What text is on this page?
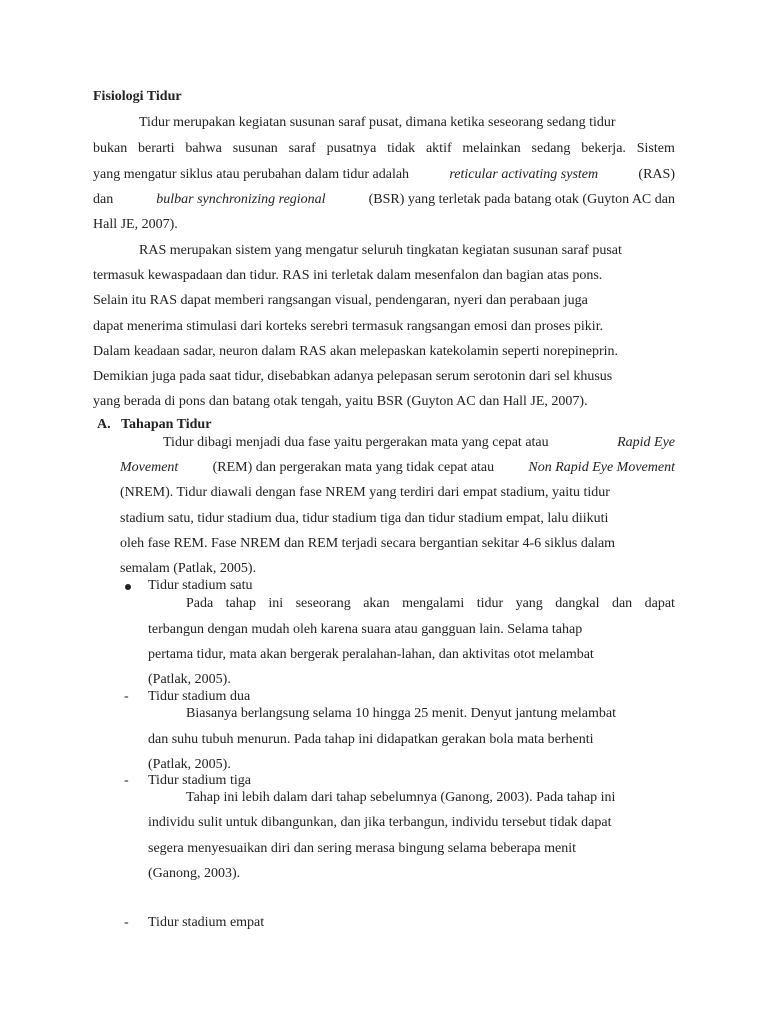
Fisiologi Tidur
Tidur merupakan kegiatan susunan saraf pusat, dimana ketika seseorang sedang tidur
bukan berarti bahwa susunan saraf pusatnya tidak aktif melainkan sedang bekerja. Sistem
yang mengatur siklus atau perubahan dalam tidur adalah	reticular activating system	(RAS)
dan	bulbar synchronizing regional	(BSR) yang terletak pada batang otak (Guyton AC dan
Hall JE, 2007).
RAS merupakan sistem yang mengatur seluruh tingkatan kegiatan susunan saraf pusat
termasuk kewaspadaan dan tidur. RAS ini terletak dalam mesenfalon dan bagian atas pons.
Selain itu RAS dapat memberi rangsangan visual, pendengaran, nyeri dan perabaan juga
dapat menerima stimulasi dari korteks serebri termasuk rangsangan emosi dan proses pikir.
Dalam keadaan sadar, neuron dalam RAS akan melepaskan katekolamin seperti norepineprin.
Demikian juga pada saat tidur, disebabkan adanya pelepasan serum serotonin dari sel khusus
yang berada di pons dan batang otak tengah, yaitu BSR (Guyton AC dan Hall JE, 2007).
A. Tahapan Tidur
Tidur dibagi menjadi dua fase yaitu pergerakan mata yang cepat atau	Rapid Eye
Movement (REM) dan pergerakan mata yang tidak cepat atau Non Rapid Eye Movement
(NREM). Tidur diawali dengan fase NREM yang terdiri dari empat stadium, yaitu tidur
stadium satu, tidur stadium dua, tidur stadium tiga dan tidur stadium empat, lalu diikuti
oleh fase REM. Fase NREM dan REM terjadi secara bergantian sekitar 4-6 siklus dalam
semalam (Patlak, 2005).
Tidur stadium satu
Pada tahap ini seseorang akan mengalami tidur yang dangkal dan dapat
terbangun dengan mudah oleh karena suara atau gangguan lain. Selama tahap
pertama tidur, mata akan bergerak peralahan-lahan, dan aktivitas otot melambat
(Patlak, 2005).
- Tidur stadium dua
Biasanya berlangsung selama 10 hingga 25 menit. Denyut jantung melambat
dan suhu tubuh menurun. Pada tahap ini didapatkan gerakan bola mata berhenti
(Patlak, 2005).
- Tidur stadium tiga
Tahap ini lebih dalam dari tahap sebelumnya (Ganong, 2003). Pada tahap ini
individu sulit untuk dibangunkan, dan jika terbangun, individu tersebut tidak dapat
segera menyesuaikan diri dan sering merasa bingung selama beberapa menit
(Ganong, 2003).
- Tidur stadium empat
